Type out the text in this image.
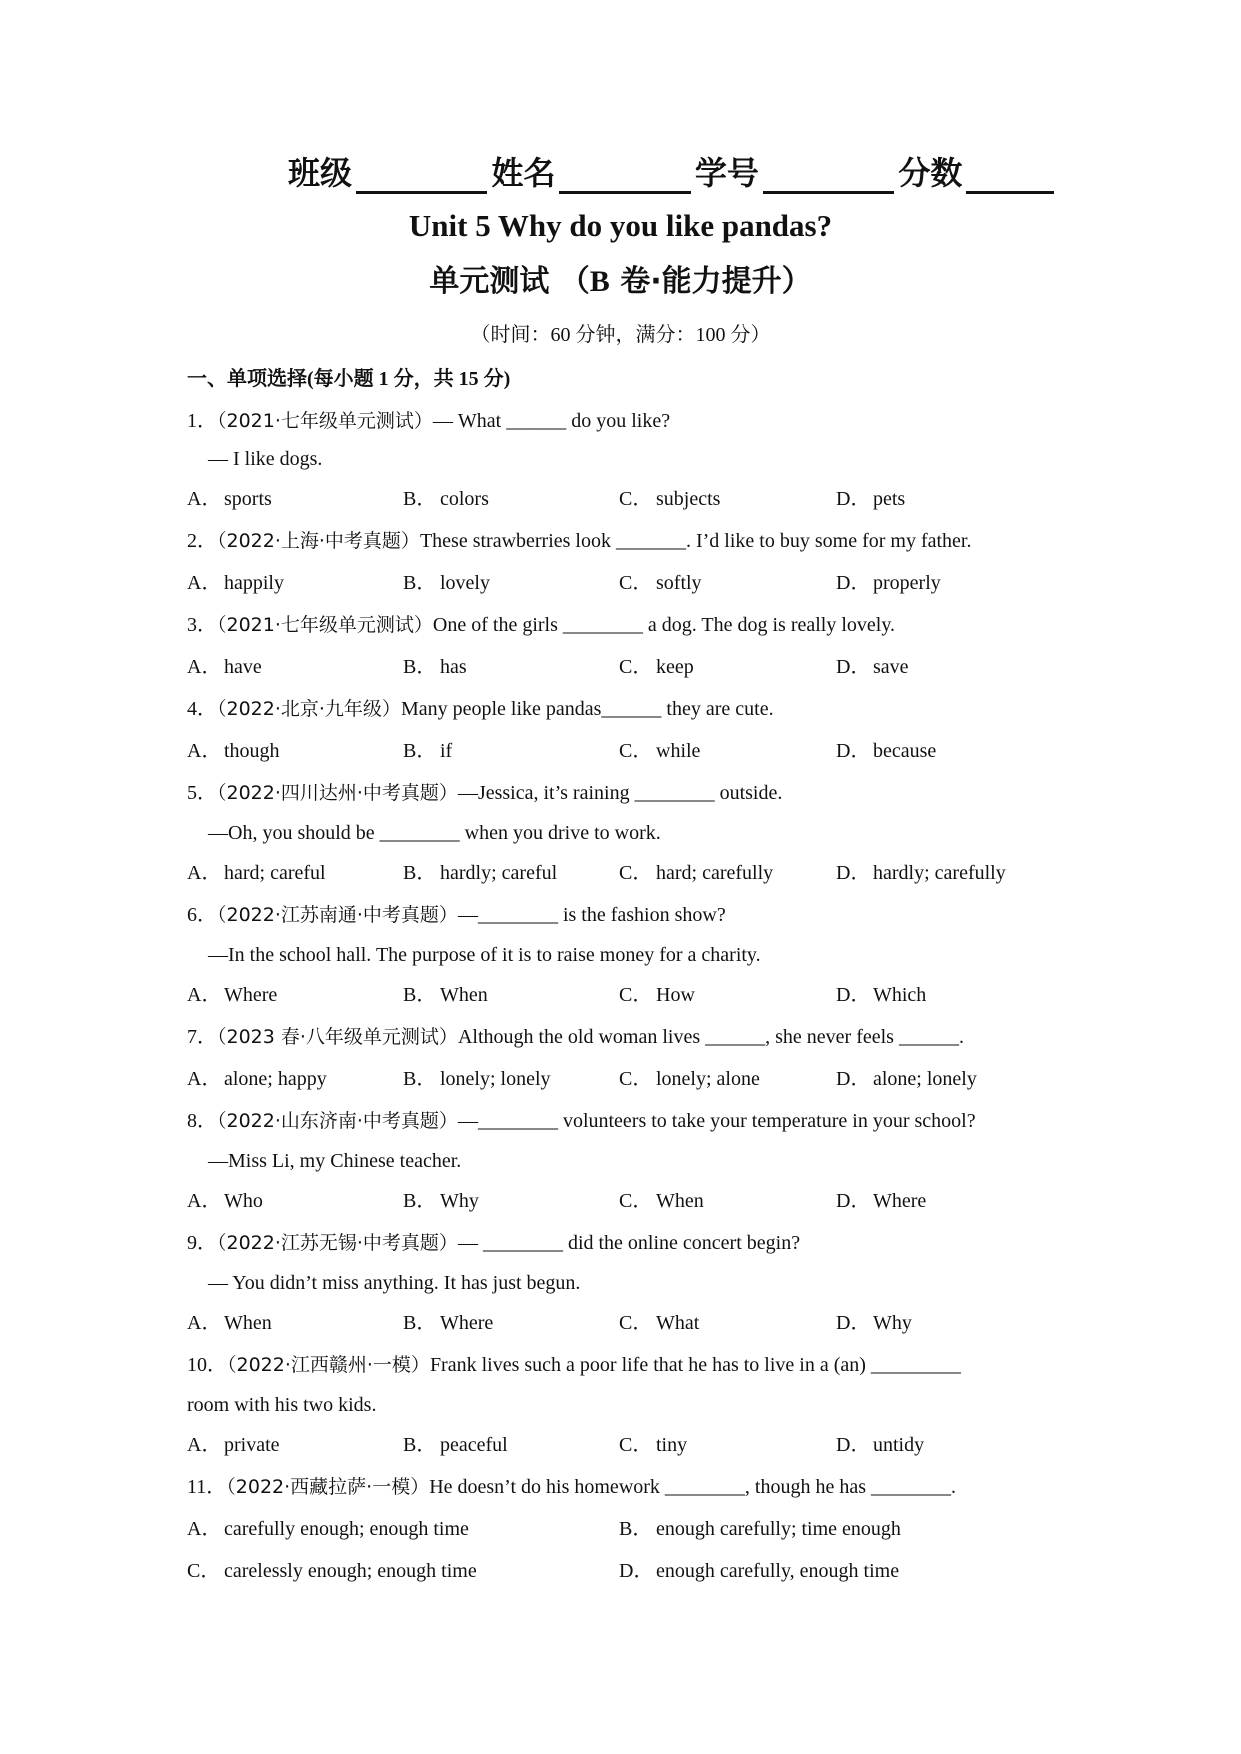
班级	姓名	学号	分数
Unit 5 Why do you like pandas?
单元测试 （B 卷·能力提升）
（时间：60 分钟，满分：100 分）
一、单项选择(每小题 1 分，共 15 分)
1．（2021·七年级单元测试）— What ______ do you like?
— I like dogs.
A． sports	B． colors	C． subjects	D． pets
2．（2022·上海·中考真题）These strawberries look _______. I’d like to buy some for my father.
A． happily	B． lovely	C． softly	D． properly
3．（2021·七年级单元测试）One of the girls ________ a dog. The dog is really lovely.
A． have	B． has	C． keep	D． save
4．（2022·北京·九年级）Many people like pandas______ they are cute.
A． though	B． if	C． while	D． because
5．（2022·四川达州·中考真题）—Jessica, it’s raining ________ outside.
—Oh, you should be ________ when you drive to work.
A． hard; careful	B． hardly; careful	C． hard; carefully	D． hardly; carefully
6．（2022·江苏南通·中考真题）—________ is the fashion show?
—In the school hall. The purpose of it is to raise money for a charity.
A． Where	B． When	C． How	D． Which
7．（2023 春·八年级单元测试）Although the old woman lives ______, she never feels ______.
A． alone; happy	B． lonely; lonely	C． lonely; alone	D． alone; lonely
8．（2022·山东济南·中考真题）—________ volunteers to take your temperature in your school?
—Miss Li, my Chinese teacher.
A． Who	B． Why	C． When	D． Where
9．（2022·江苏无锡·中考真题）— ________ did the online concert begin?
— You didn’t miss anything. It has just begun.
A． When	B． Where	C． What	D． Why
10．（2022·江西赣州·一模）Frank lives such a poor life that he has to live in a (an) _________
room with his two kids.
A． private	B． peaceful	C． tiny	D． untidy
11．（2022·西藏拉萨·一模）He doesn’t do his homework ________, though he has ________.
A． carefully enough; enough time	B． enough carefully; time enough
C． carelessly enough; enough time	D． enough carefully, enough time
